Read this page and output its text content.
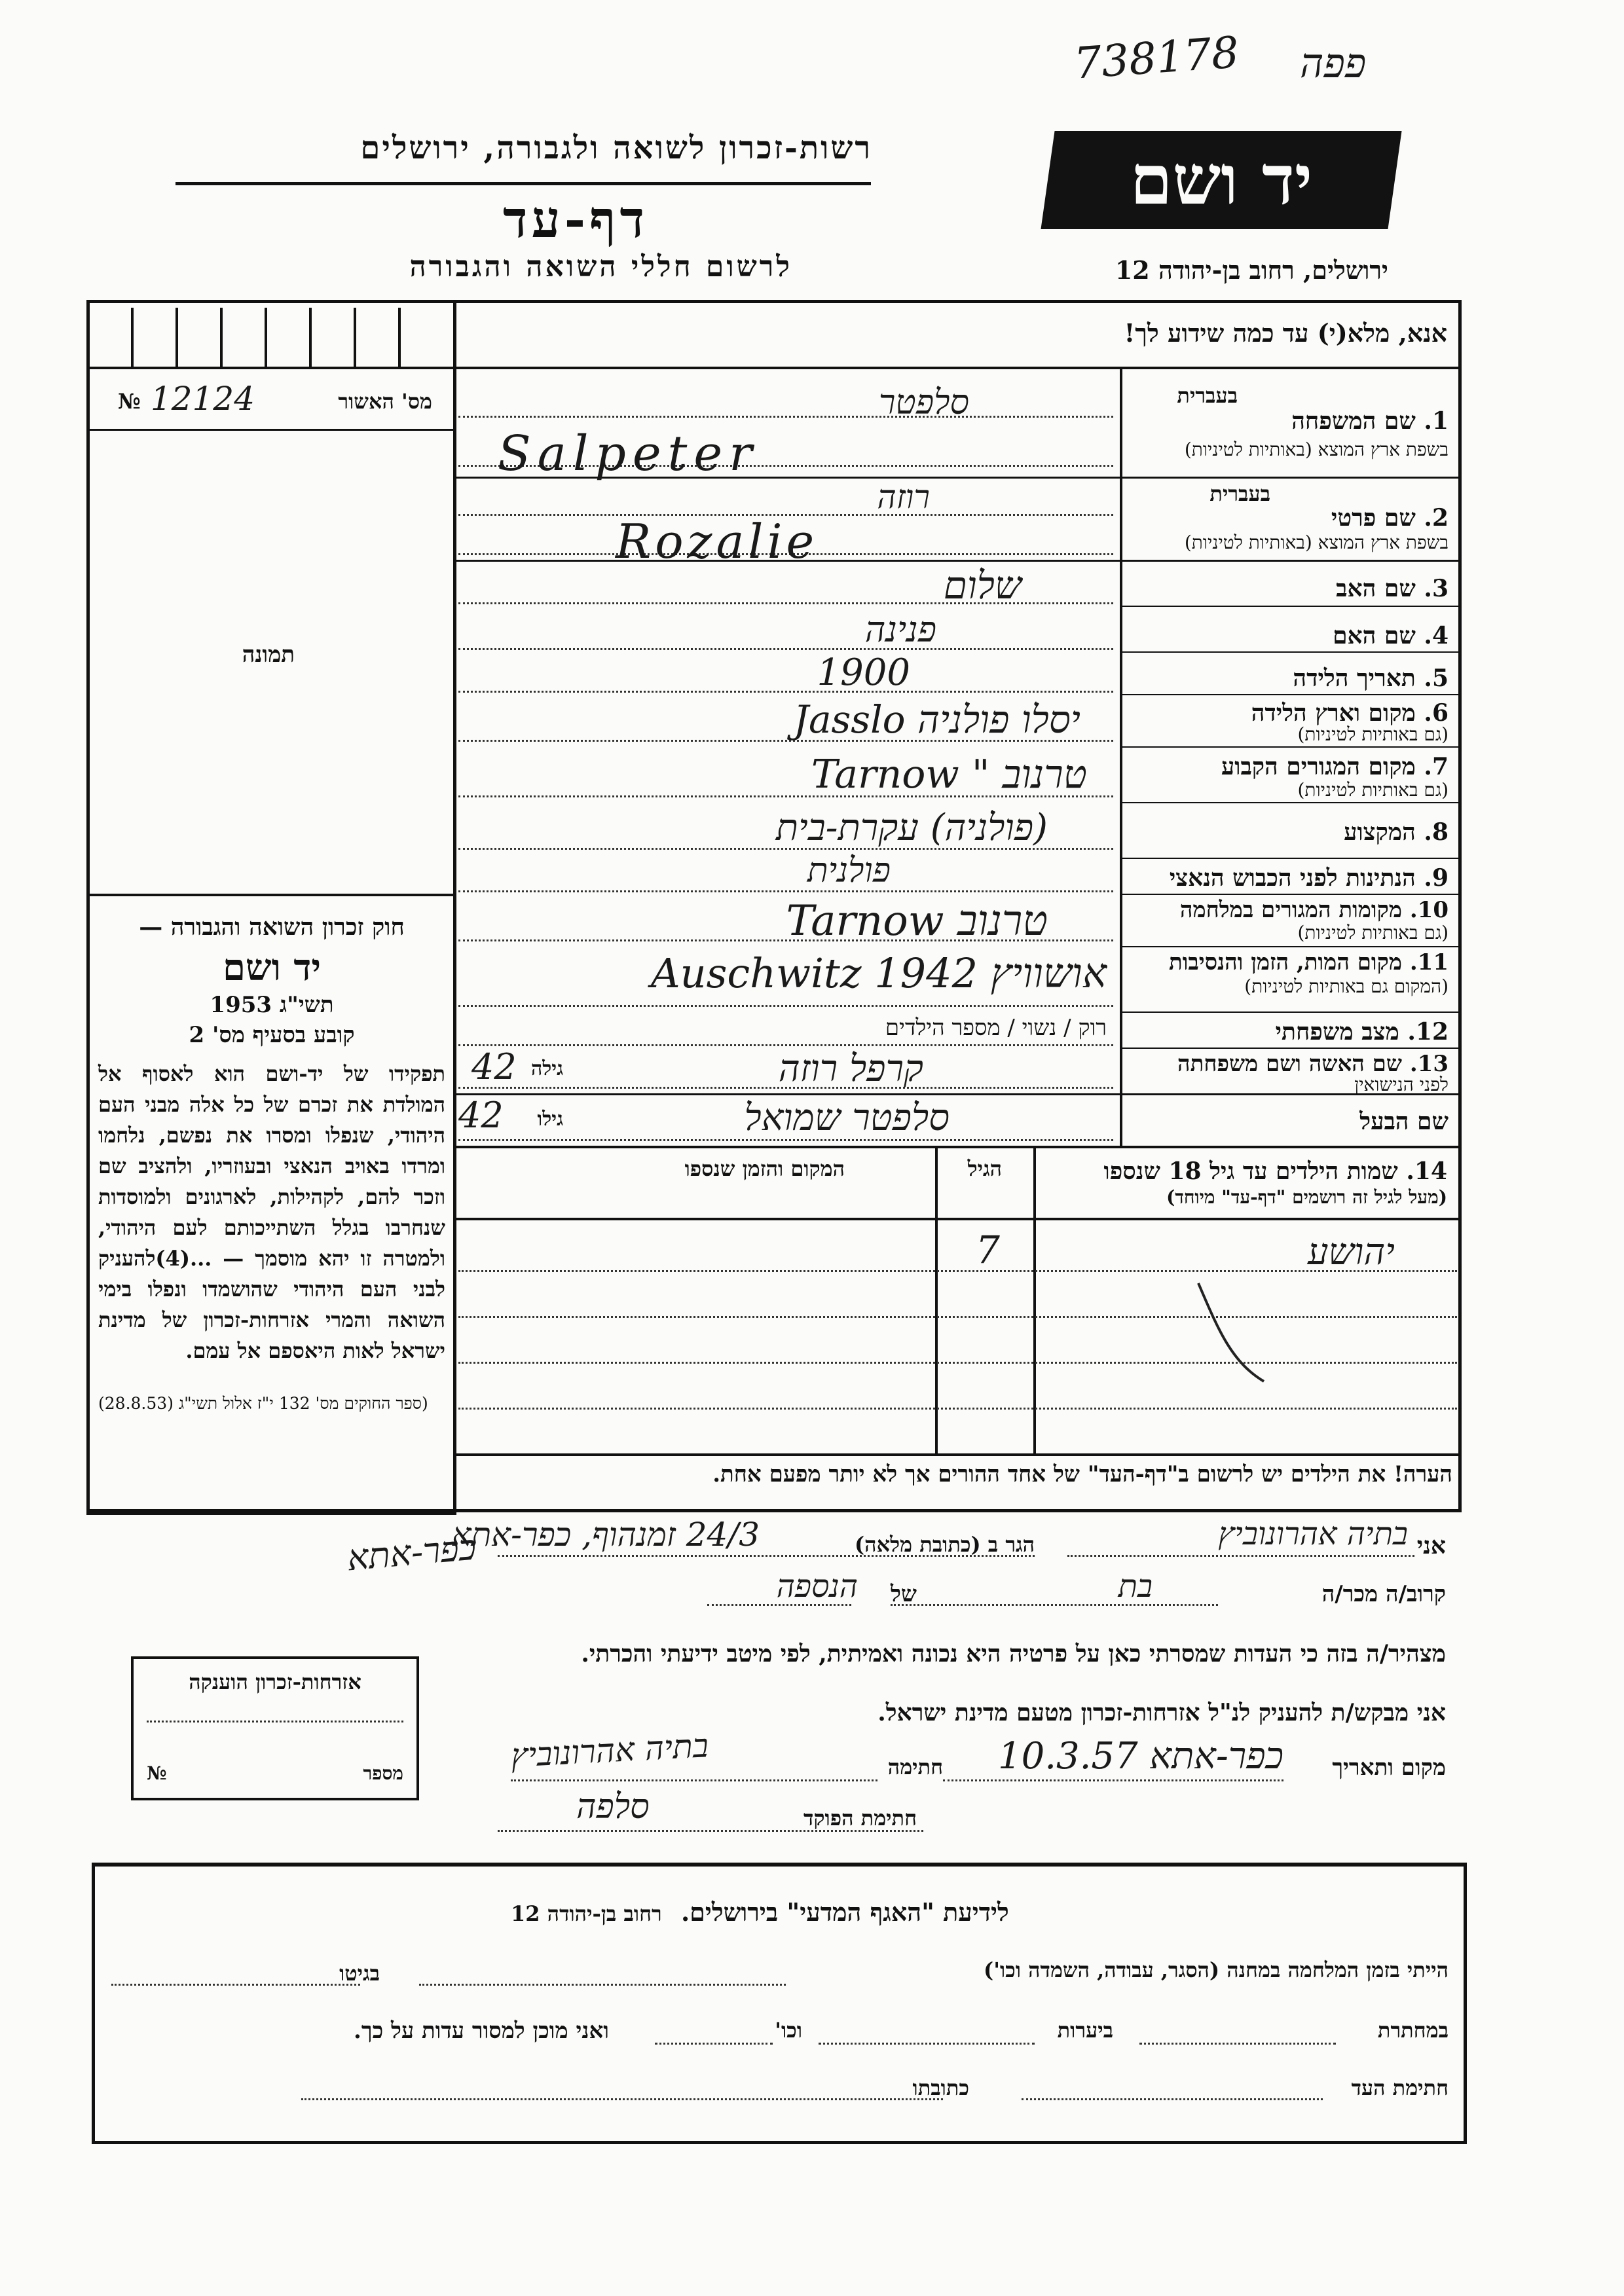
738178 פפה
רשות-זכרון לשואה ולגבורה, ירושלים
דף-עד
לרשום חללי השואה והגבורה
יד ושם
ירושלים, רחוב בן-יהודה 12
אנא, מלא(י) עד כמה שידוע לך!
№ 12124	מס' האשור
תמונה
חוק זכרון השואה והגבורה —
יד ושם
תשי"ג 1953
קובע בסעיף מס' 2
תפקידו של יד-ושם הוא לאסוף אל המולדת את זכרם של כל אלה מבני העם היהודי, שנפלו ומסרו את נפשם, נלחמו ומרדו באויב הנאצי ובעוזריו, ולהציב שם וזכר להם, לקהילות, לארגונים ולמוסדות שנחרבו בגלל השתייכותם לעם היהודי, ולמטרה זו יהא מוסמך — ...(4)להעניק לבני העם היהודי שהושמדו ונפלו בימי השואה והמרי אזרחות-זכרון של מדינת ישראל לאות היאספם אל עמם.
(ספר החוקים מס' 132 י"ז אלול תשי"ג (28.8.53)
בעברית
1. שם המשפחה
בשפת ארץ המוצא (באותיות לטיניות)
סלפטר
Salpeter
בעברית
2. שם פרטי
בשפת ארץ המוצא (באותיות לטיניות)
רוזה
Rozalie
3. שם האב
שלום
4. שם האם
פנינה
5. תאריך הלידה
1900
6. מקום וארץ הלידה
(גם באותיות לטיניות)
יסלו פולניה Jasslo
7. מקום המגורים הקבוע
(גם באותיות לטיניות)
טרנוב " Tarnow
8. המקצוע
(פולניה) עקרת-בית
9. הנתינות לפני הכבוש הנאצי
פולנית
10. מקומות המגורים במלחמה
(גם באותיות לטיניות)
טרנוב Tarnow
11. מקום המות, הזמן והנסיבות
(המקום גם באותיות לטיניות)
אושוויץ 1942 Auschwitz
12. מצב משפחתי
רוק / נשוי / מספר הילדים
13. שם האשה ושם משפחתה
לפני הנישואין
קרפל רוזה
גילה
42
שם הבעל
סלפטר שמואל
גילו
42
14. שמות הילדים עד גיל 18 שנספו
(מעל לגיל זה רושמים "דף-עד" מיוחד)
הגיל
המקום והזמן שנספו
יהושע
7
הערה! את הילדים יש לרשום ב"דף-העד" של אחד ההורים אך לא יותר מפעם אחת.
אני
בתיה אהרונוביץ
הגר ב (כתובת מלאה)
24/3 זמנהוף, כפר-אתא
כפר-אתא
קרוב/ה מכר/ה
בת
של
הנספה
מצהיר/ה בזה כי העדות שמסרתי כאן על פרטיה היא נכונה ואמיתית, לפי מיטב ידיעתי והכרתי.
אני מבקש/ת להעניק לנ"ל אזרחות-זכרון מטעם מדינת ישראל.
מקום ותאריך
כפר-אתא 10.3.57
חתימה
בתיה אהרונוביץ
חתימת הפוקד
סלפה
אזרחות-זכרון הוענקה
№	מספר
לידיעת "האגף המדעי" בירושלים. רחוב בן-יהודה 12
הייתי בזמן המלחמה במחנה (הסגר, עבודה, השמדה וכו')
בגיטו
במחתרת
ביערות
וכו'
ואני מוכן למסור עדות על כך.
חתימת העד
כתובתו
